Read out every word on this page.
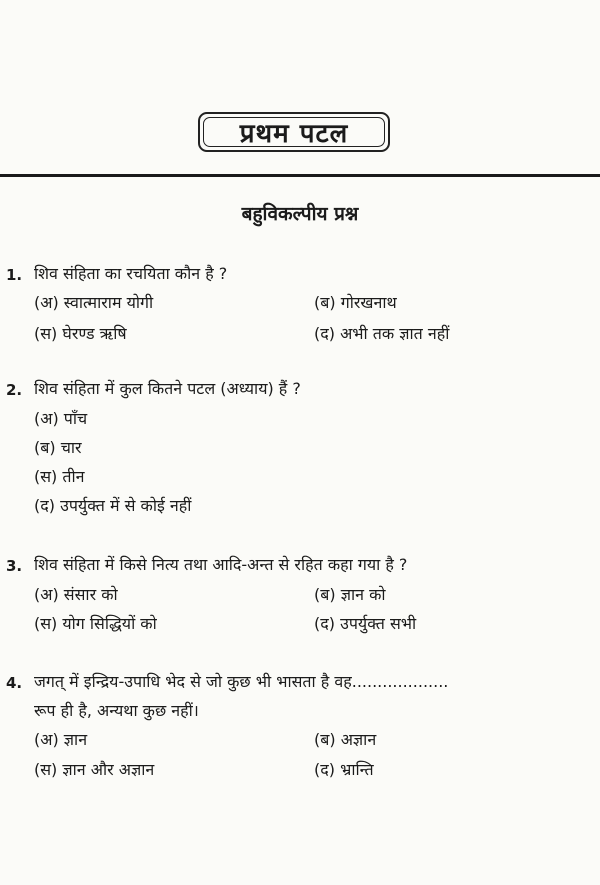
प्रथम पटल
बहुविकल्पीय प्रश्न
1. शिव संहिता का रचयिता कौन है ?
(अ) स्वात्माराम योगी	(ब) गोरखनाथ
(स) घेरण्ड ऋषि	(द) अभी तक ज्ञात नहीं
2. शिव संहिता में कुल कितने पटल (अध्याय) हैं ?
(अ) पाँच
(ब) चार
(स) तीन
(द) उपर्युक्त में से कोई नहीं
3. शिव संहिता में किसे नित्य तथा आदि-अन्त से रहित कहा गया है ?
(अ) संसार को	(ब) ज्ञान को
(स) योग सिद्धियों को	(द) उपर्युक्त सभी
4. जगत् में इन्द्रिय-उपाधि भेद से जो कुछ भी भासता है वह...................
रूप ही है, अन्यथा कुछ नहीं।
(अ) ज्ञान	(ब) अज्ञान
(स) ज्ञान और अज्ञान	(द) भ्रान्ति
